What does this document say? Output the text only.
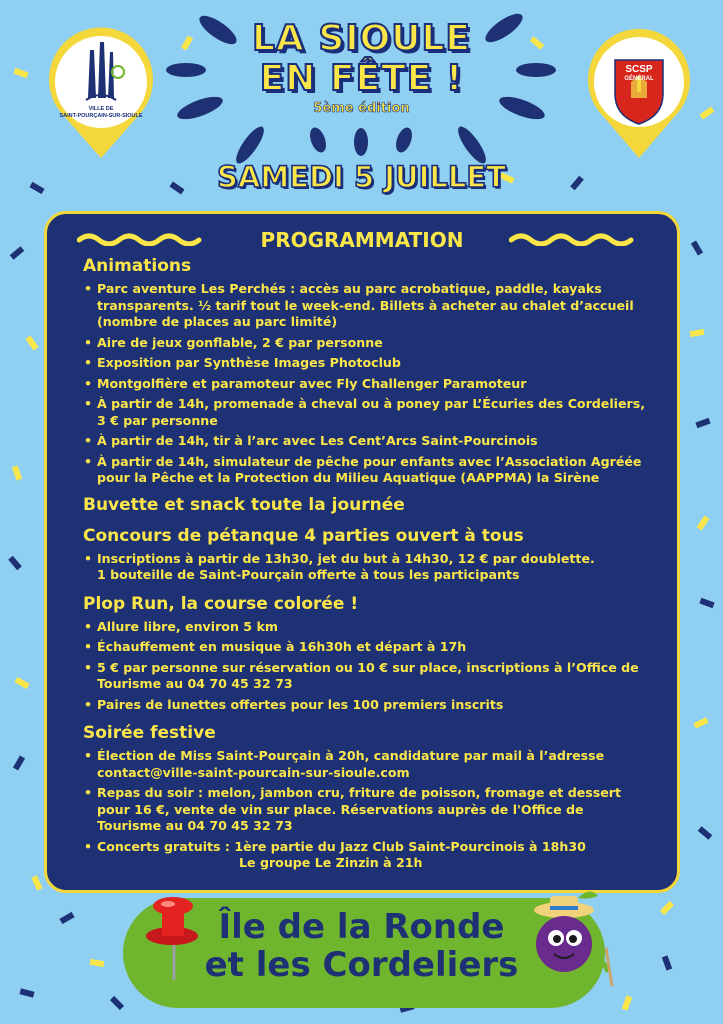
VILLE DE
SAINT-POURÇAIN-SUR-SIOULE
SCSP
GÉNÉRAL
LA SIOULE
EN FÊTE !
5ème édition
SAMEDI 5 JUILLET
PROGRAMMATION
Animations
• Parc aventure Les Perchés : accès au parc acrobatique, paddle, kayaks
transparents. ½ tarif tout le week-end. Billets à acheter au chalet d’accueil
(nombre de places au parc limité)
• Aire de jeux gonflable, 2 € par personne
• Exposition par Synthèse Images Photoclub
• Montgolfière et paramoteur avec Fly Challenger Paramoteur
• À partir de 14h, promenade à cheval ou à poney par L’Écuries des Cordeliers,
3 € par personne
• À partir de 14h, tir à l’arc avec Les Cent’Arcs Saint-Pourcinois
• À partir de 14h, simulateur de pêche pour enfants avec l’Association Agréée
pour la Pêche et la Protection du Milieu Aquatique (AAPPMA) la Sirène
Buvette et snack toute la journée
Concours de pétanque 4 parties ouvert à tous
• Inscriptions à partir de 13h30, jet du but à 14h30, 12 € par doublette.
1 bouteille de Saint-Pourçain offerte à tous les participants
Plop Run, la course colorée !
• Allure libre, environ 5 km
• Échauffement en musique à 16h30h et départ à 17h
• 5 € par personne sur réservation ou 10 € sur place, inscriptions à l’Office de
Tourisme au 04 70 45 32 73
• Paires de lunettes offertes pour les 100 premiers inscrits
Soirée festive
• Élection de Miss Saint-Pourçain à 20h, candidature par mail à l’adresse
contact@ville-saint-pourcain-sur-sioule.com
• Repas du soir : melon, jambon cru, friture de poisson, fromage et dessert
pour 16 €, vente de vin sur place. Réservations auprès de l'Office de
Tourisme au 04 70 45 32 73
• Concerts gratuits : 1ère partie du Jazz Club Saint-Pourcinois à 18h30
Le groupe Le Zinzin à 21h
Île de la Ronde
et les Cordeliers
